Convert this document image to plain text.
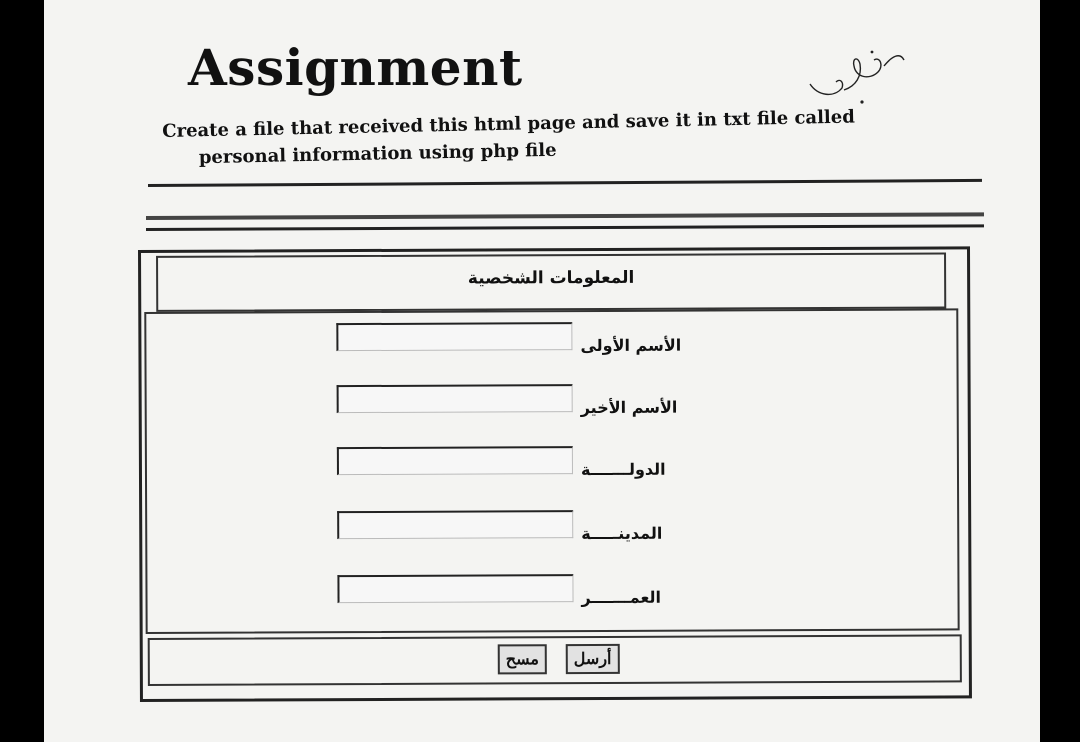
Assignment
Create a file that received this html page and save it in txt file called
personal information using php file
المعلومات الشخصية
الأسم الأولى
الأسم الأخير
الدولـــــــة
المدينـــــة
العمـــــــر
مسح	أرسل
